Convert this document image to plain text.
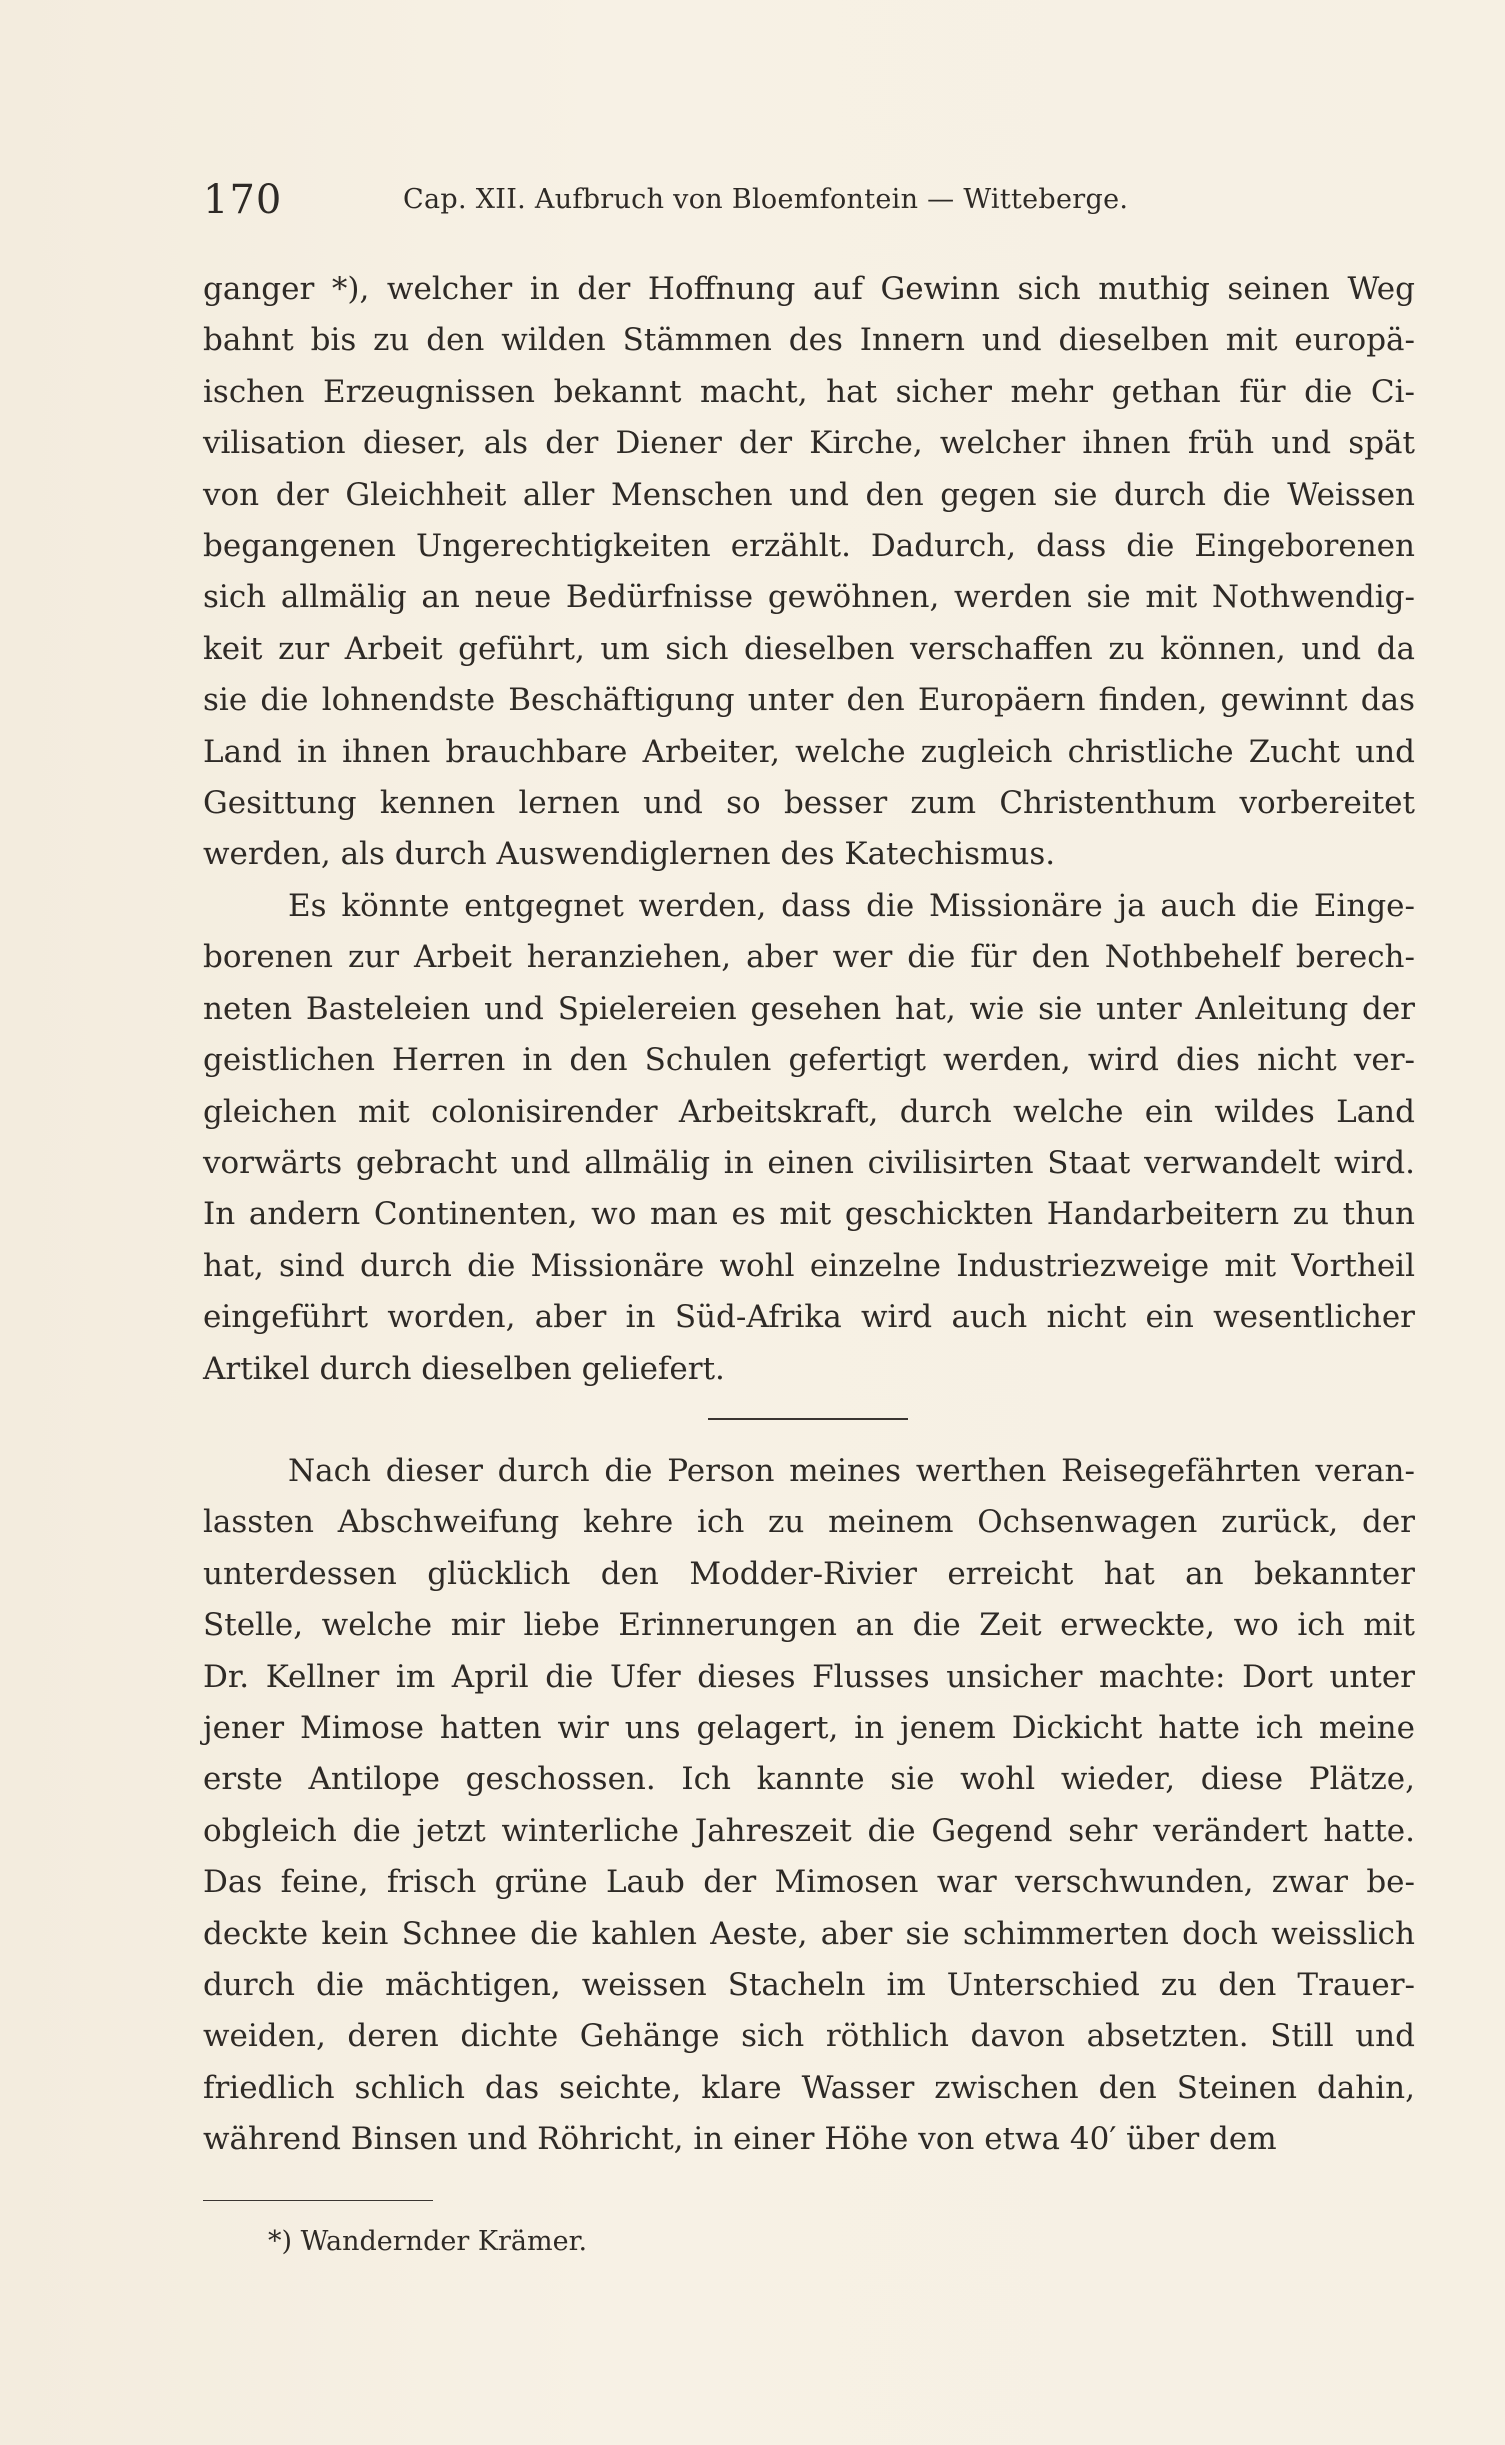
170	Cap. XII. Aufbruch von Bloemfontein — Witteberge.
ganger *), welcher in der Hoffnung auf Gewinn sich muthig seinen Weg
bahnt bis zu den wilden Stämmen des Innern und dieselben mit europä-
ischen Erzeugnissen bekannt macht, hat sicher mehr gethan für die Ci-
vilisation dieser, als der Diener der Kirche, welcher ihnen früh und spät
von der Gleichheit aller Menschen und den gegen sie durch die Weissen
begangenen Ungerechtigkeiten erzählt. Dadurch, dass die Eingeborenen
sich allmälig an neue Bedürfnisse gewöhnen, werden sie mit Nothwendig-
keit zur Arbeit geführt, um sich dieselben verschaffen zu können, und da
sie die lohnendste Beschäftigung unter den Europäern finden, gewinnt das
Land in ihnen brauchbare Arbeiter, welche zugleich christliche Zucht und
Gesittung kennen lernen und so besser zum Christenthum vorbereitet
werden, als durch Auswendiglernen des Katechismus.
Es könnte entgegnet werden, dass die Missionäre ja auch die Einge-
borenen zur Arbeit heranziehen, aber wer die für den Nothbehelf berech-
neten Basteleien und Spielereien gesehen hat, wie sie unter Anleitung der
geistlichen Herren in den Schulen gefertigt werden, wird dies nicht ver-
gleichen mit colonisirender Arbeitskraft, durch welche ein wildes Land
vorwärts gebracht und allmälig in einen civilisirten Staat verwandelt wird.
In andern Continenten, wo man es mit geschickten Handarbeitern zu thun
hat, sind durch die Missionäre wohl einzelne Industriezweige mit Vortheil
eingeführt worden, aber in Süd-Afrika wird auch nicht ein wesentlicher
Artikel durch dieselben geliefert.
Nach dieser durch die Person meines werthen Reisegefährten veran-
lassten Abschweifung kehre ich zu meinem Ochsenwagen zurück, der
unterdessen glücklich den Modder-Rivier erreicht hat an bekannter
Stelle, welche mir liebe Erinnerungen an die Zeit erweckte, wo ich mit
Dr. Kellner im April die Ufer dieses Flusses unsicher machte: Dort unter
jener Mimose hatten wir uns gelagert, in jenem Dickicht hatte ich meine
erste Antilope geschossen. Ich kannte sie wohl wieder, diese Plätze,
obgleich die jetzt winterliche Jahreszeit die Gegend sehr verändert hatte.
Das feine, frisch grüne Laub der Mimosen war verschwunden, zwar be-
deckte kein Schnee die kahlen Aeste, aber sie schimmerten doch weisslich
durch die mächtigen, weissen Stacheln im Unterschied zu den Trauer-
weiden, deren dichte Gehänge sich röthlich davon absetzten. Still und
friedlich schlich das seichte, klare Wasser zwischen den Steinen dahin,
während Binsen und Röhricht, in einer Höhe von etwa 40′ über dem
*) Wandernder Krämer.
